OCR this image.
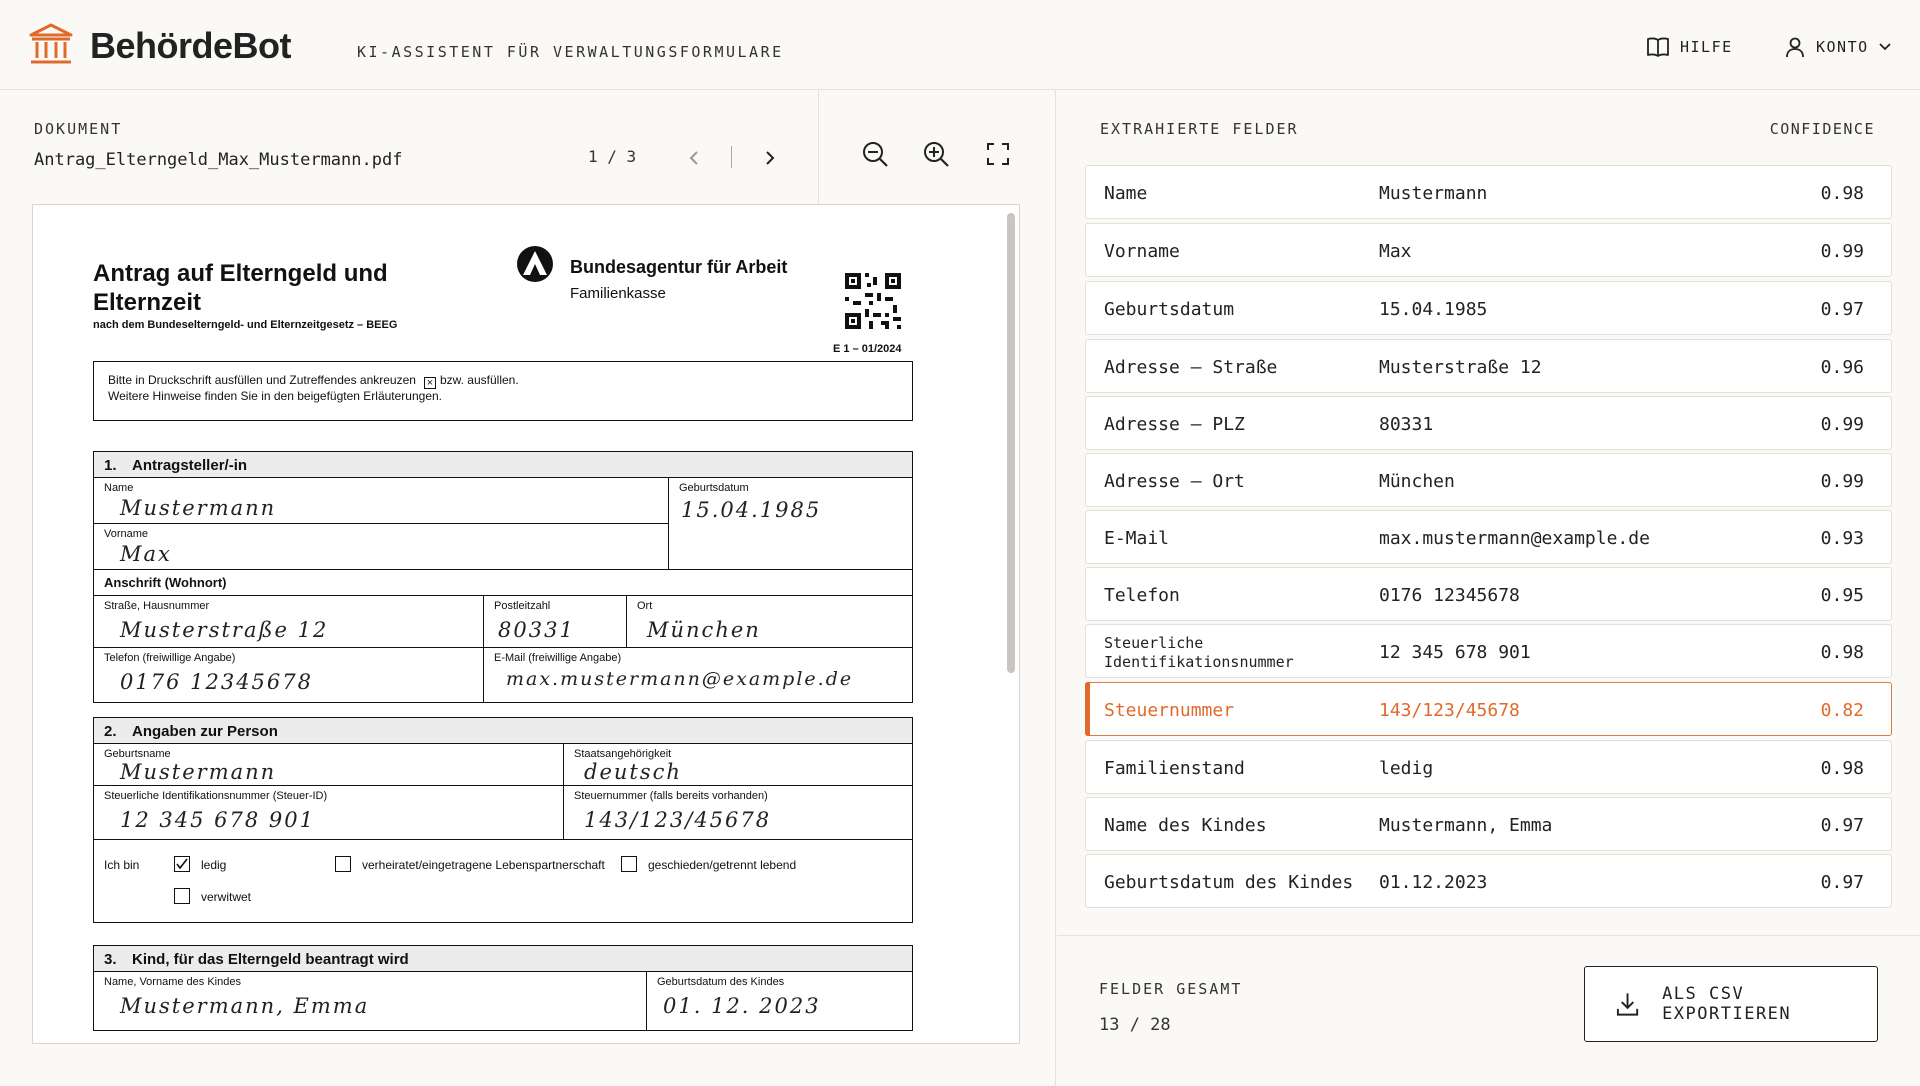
BehördeBot	KI-ASSISTENT FÜR VERWALTUNGSFORMULARE	HILFE	KONTO
DOKUMENT
Antrag_Elterngeld_Max_Mustermann.pdf	1 / 3
Antrag auf Elterngeld und
Elternzeit
nach dem Bundeselterngeld- und Elternzeitgesetz – BEEG
Bundesagentur für Arbeit
Familienkasse
E 1 – 01/2024
Bitte in Druckschrift ausfüllen und Zutreffendes ankreuzen × bzw. ausfüllen.
Weitere Hinweise finden Sie in den beigefügten Erläuterungen.
1. Antragsteller/-in
Name
Mustermann
Geburtsdatum
15.04.1985
Vorname
Max
Anschrift (Wohnort)
Straße, Hausnummer
Musterstraße 12
Postleitzahl
80331
Ort
München
Telefon (freiwillige Angabe)
0176 12345678
E-Mail (freiwillige Angabe)
max.mustermann@example.de
2. Angaben zur Person
Geburtsname
Mustermann
Staatsangehörigkeit
deutsch
Steuerliche Identifikationsnummer (Steuer-ID)
12 345 678 901
Steuernummer (falls bereits vorhanden)
143/123/45678
Ich bin	ledig	verheiratet/eingetragene Lebenspartnerschaft	geschieden/getrennt lebend
verwitwet
3. Kind, für das Elterngeld beantragt wird
Name, Vorname des Kindes
Mustermann, Emma
Geburtsdatum des Kindes
01. 12. 2023
EXTRAHIERTE FELDER	CONFIDENCE
Name	Mustermann	0.98
Vorname	Max	0.99
Geburtsdatum	15.04.1985	0.97
Adresse – Straße	Musterstraße 12	0.96
Adresse – PLZ	80331	0.99
Adresse – Ort	München	0.99
E-Mail	max.mustermann@example.de	0.93
Telefon	0176 12345678	0.95
Steuerliche
Identifikationsnummer	12 345 678 901	0.98
Steuernummer	143/123/45678	0.82
Familienstand	ledig	0.98
Name des Kindes	Mustermann, Emma	0.97
Geburtsdatum des Kindes 01.12.2023	0.97
FELDER GESAMT
13 / 28
ALS CSV EXPORTIEREN
